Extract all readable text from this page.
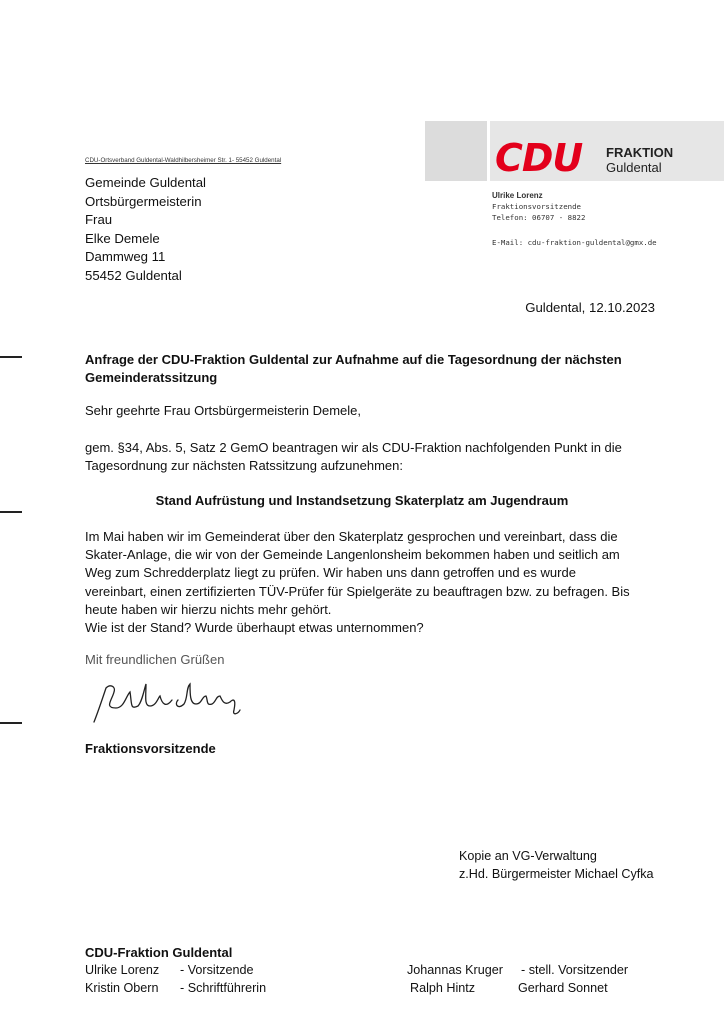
CDU FRAKTION
Guldental
CDU-Ortsverband Guldental-Waldhilbersheimer Str. 1- 55452 Guldental
Gemeinde Guldental
Ortsbürgermeisterin
Frau
Elke Demele
Dammweg 11
55452 Guldental
Ulrike Lorenz
Fraktionsvorsitzende
Telefon: 06707 - 8822
E-Mail: cdu-fraktion-guldental@gmx.de
Guldental, 12.10.2023
Anfrage der CDU-Fraktion Guldental zur Aufnahme auf die Tagesordnung der nächsten Gemeinderatssitzung
Sehr geehrte Frau Ortsbürgermeisterin Demele,
gem. §34, Abs. 5, Satz 2 GemO beantragen wir als CDU-Fraktion nachfolgenden Punkt in die Tagesordnung zur nächsten Ratssitzung aufzunehmen:
Stand Aufrüstung und Instandsetzung Skaterplatz am Jugendraum
Im Mai haben wir im Gemeinderat über den Skaterplatz gesprochen und vereinbart, dass die
Skater-Anlage, die wir von der Gemeinde Langenlonsheim bekommen haben und seitlich am
Weg zum Schredderplatz liegt zu prüfen. Wir haben uns dann getroffen und es wurde
vereinbart, einen zertifizierten TÜV-Prüfer für Spielgeräte zu beauftragen bzw. zu befragen. Bis
heute haben wir hierzu nichts mehr gehört.
Wie ist der Stand? Wurde überhaupt etwas unternommen?
Mit freundlichen Grüßen
Fraktionsvorsitzende
Kopie an VG-Verwaltung
z.Hd. Bürgermeister Michael Cyfka
CDU-Fraktion Guldental
Ulrike Lorenz - Vorsitzende
Kristin Obern - Schriftführerin
Johannas Kruger - stell. Vorsitzender
Ralph Hintz	Gerhard Sonnet
